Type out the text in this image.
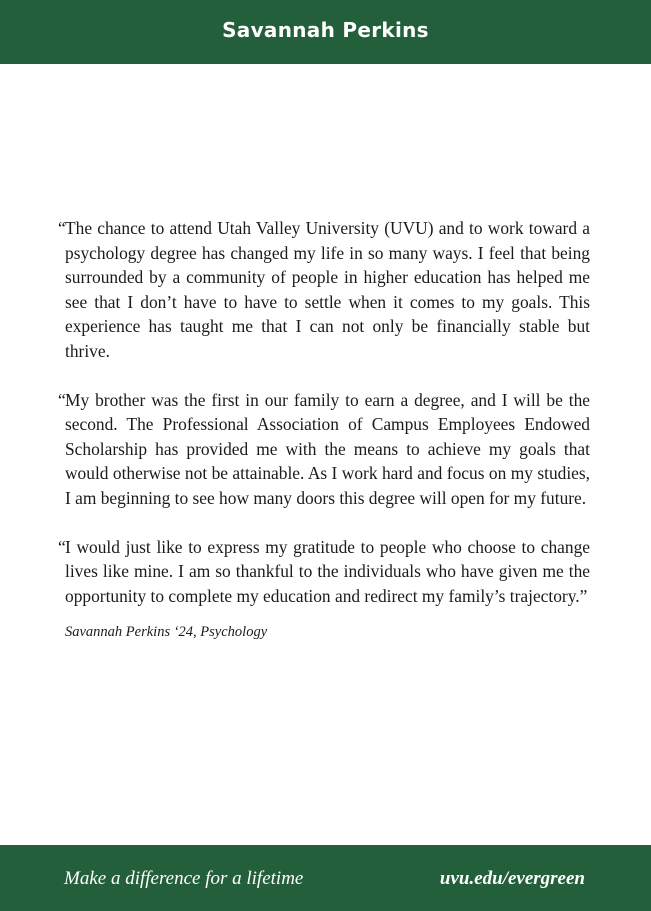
Savannah Perkins

“ The chance to attend Utah Valley University (UVU) and to work toward a psychology degree has changed my life in so many ways. I feel that being surrounded by a community of people in higher education has helped me see that I don’t have to have to settle when it comes to my goals. This experience has taught me that I can not only be financially stable but thrive.

“ My brother was the first in our family to earn a degree, and I will be the second. The Professional Association of Campus Employees Endowed Scholarship has provided me with the means to achieve my goals that would otherwise not be attainable. As I work hard and focus on my studies, I am beginning to see how many doors this degree will open for my future.

“ I would just like to express my gratitude to people who choose to change lives like mine. I am so thankful to the individuals who have given me the opportunity to complete my education and redirect my family’s trajectory.”

Savannah Perkins ‘24, Psychology
Make a difference for a lifetime	uvu.edu/evergreen
